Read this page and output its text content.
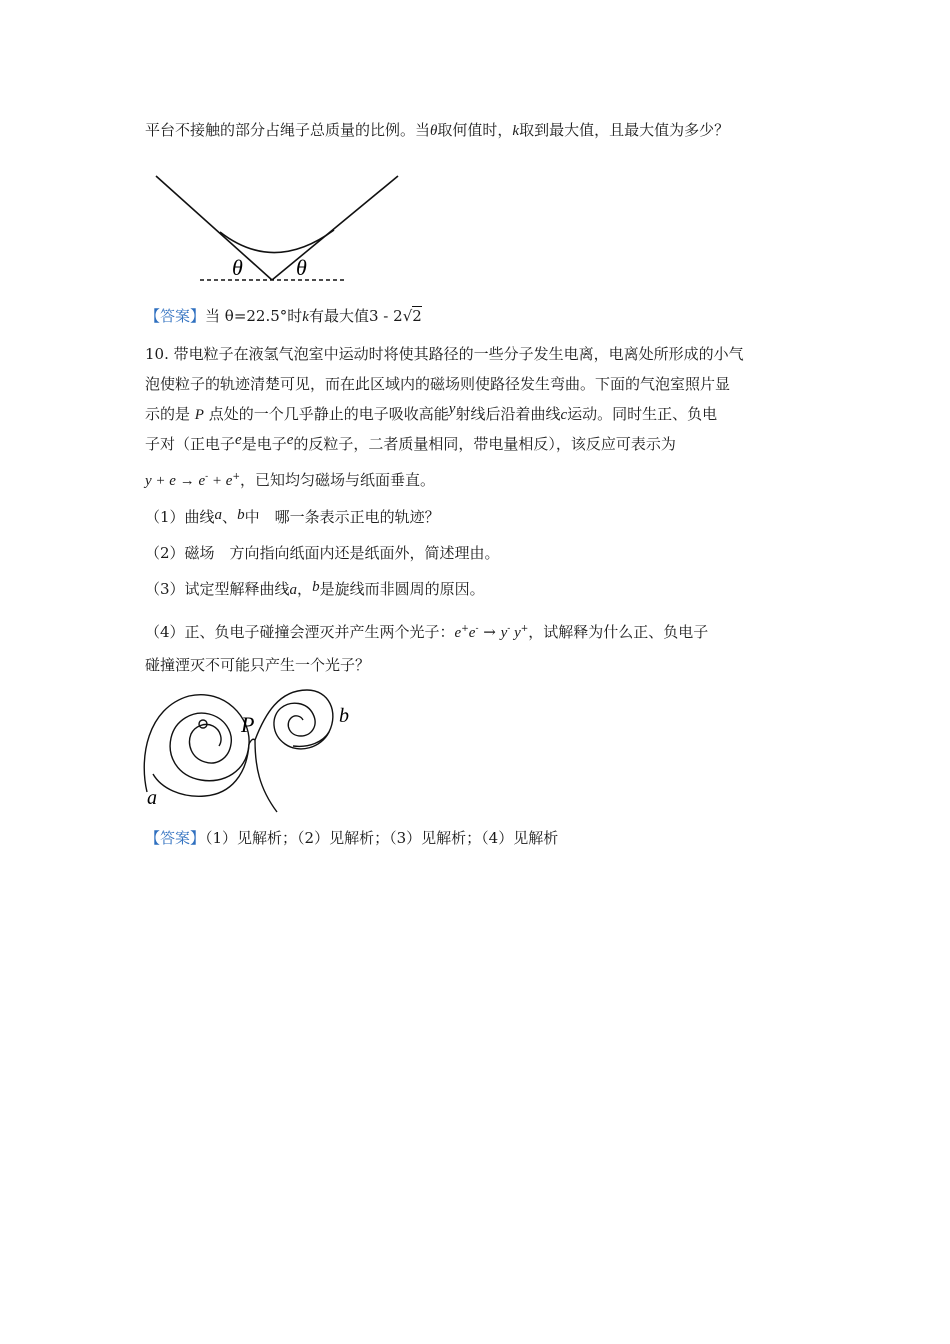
平台不接触的部分占绳子总质量的比例。当θ取何值时，k取到最大值，且最大值为多少？
θ θ
【答案】当 θ=22.5°时k有最大值3 - 2√2
10. 带电粒子在液氢气泡室中运动时将使其路径的一些分子发生电离，电离处所形成的小气
泡使粒子的轨迹清楚可见，而在此区域内的磁场则使路径发生弯曲。下面的气泡室照片显
示的是 P 点处的一个几乎静止的电子吸收高能y射线后沿着曲线c运动。同时生正、负电
子对（正电子e是电子e的反粒子，二者质量相同，带电量相反），该反应可表示为
y + e → e- + e+，已知均匀磁场与纸面垂直。
（1）曲线a、b中　哪一条表示正电的轨迹？
（2）磁场　方向指向纸面内还是纸面外，简述理由。
（3）试定型解释曲线a，b是旋线而非圆周的原因。
（4）正、负电子碰撞会湮灭并产生两个光子：e+e- → y- y+，试解释为什么正、负电子
碰撞湮灭不可能只产生一个光子？
P
a
b
【答案】（1）见解析；（2）见解析；（3）见解析；（4）见解析
